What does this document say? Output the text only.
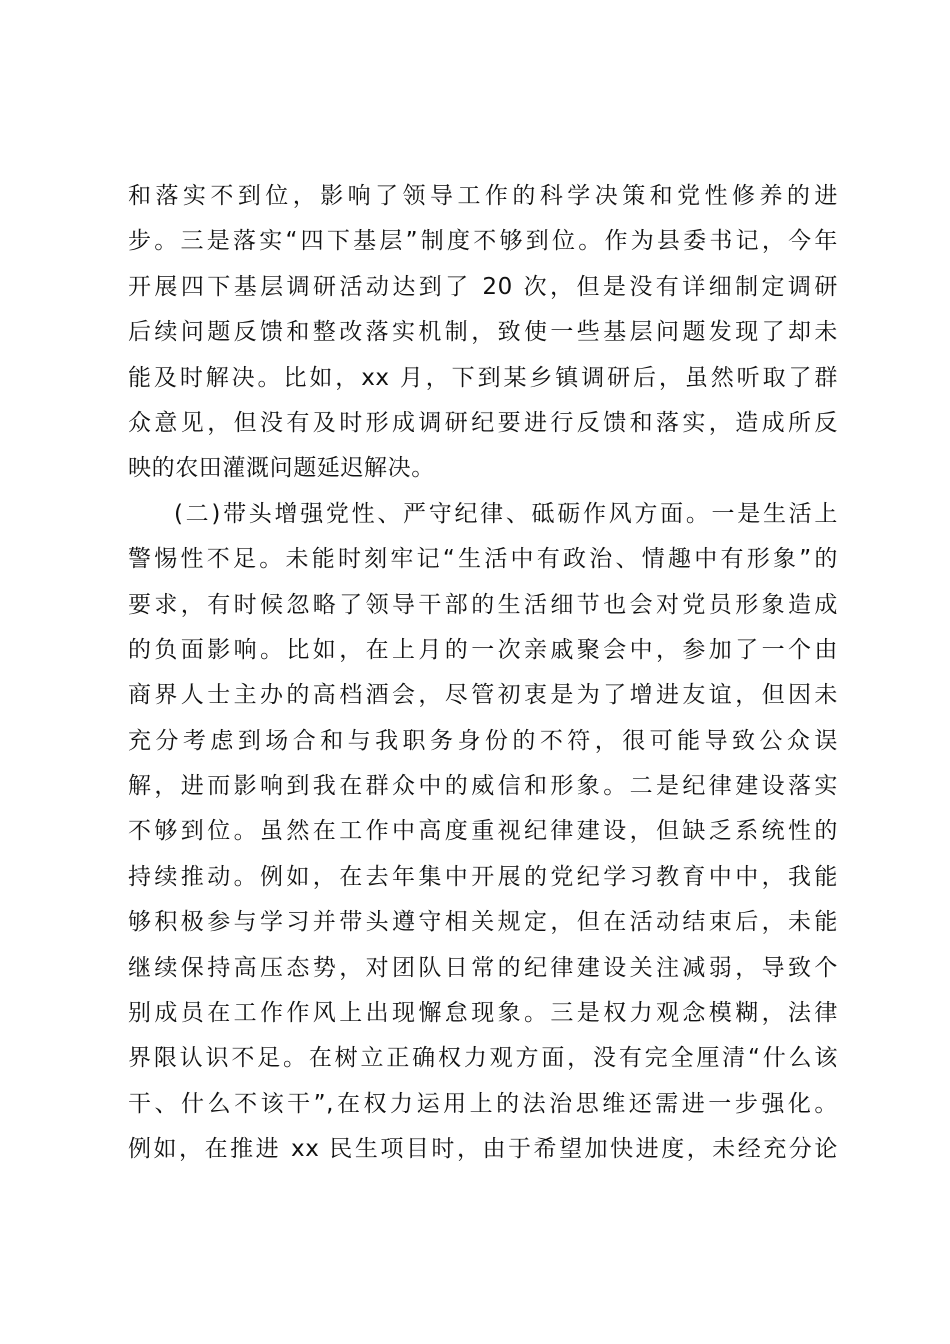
和落实不到位，影响了领导工作的科学决策和党性修养的进
步。三是落实“四下基层”制度不够到位。作为县委书记，今年
开展四下基层调研活动达到了 20 次，但是没有详细制定调研
后续问题反馈和整改落实机制，致使一些基层问题发现了却未
能及时解决。比如，xx 月，下到某乡镇调研后，虽然听取了群
众意见，但没有及时形成调研纪要进行反馈和落实，造成所反
映的农田灌溉问题延迟解决。
(二)带头增强党性、严守纪律、砥砺作风方面。一是生活上
警惕性不足。未能时刻牢记“生活中有政治、情趣中有形象”的
要求，有时候忽略了领导干部的生活细节也会对党员形象造成
的负面影响。比如，在上月的一次亲戚聚会中，参加了一个由
商界人士主办的高档酒会，尽管初衷是为了增进友谊，但因未
充分考虑到场合和与我职务身份的不符，很可能导致公众误
解，进而影响到我在群众中的威信和形象。二是纪律建设落实
不够到位。虽然在工作中高度重视纪律建设，但缺乏系统性的
持续推动。例如，在去年集中开展的党纪学习教育中中，我能
够积极参与学习并带头遵守相关规定，但在活动结束后，未能
继续保持高压态势，对团队日常的纪律建设关注减弱，导致个
别成员在工作作风上出现懈怠现象。三是权力观念模糊，法律
界限认识不足。在树立正确权力观方面，没有完全厘清“什么该
干、什么不该干”,在权力运用上的法治思维还需进一步强化。
例如，在推进 xx 民生项目时，由于希望加快进度，未经充分论
